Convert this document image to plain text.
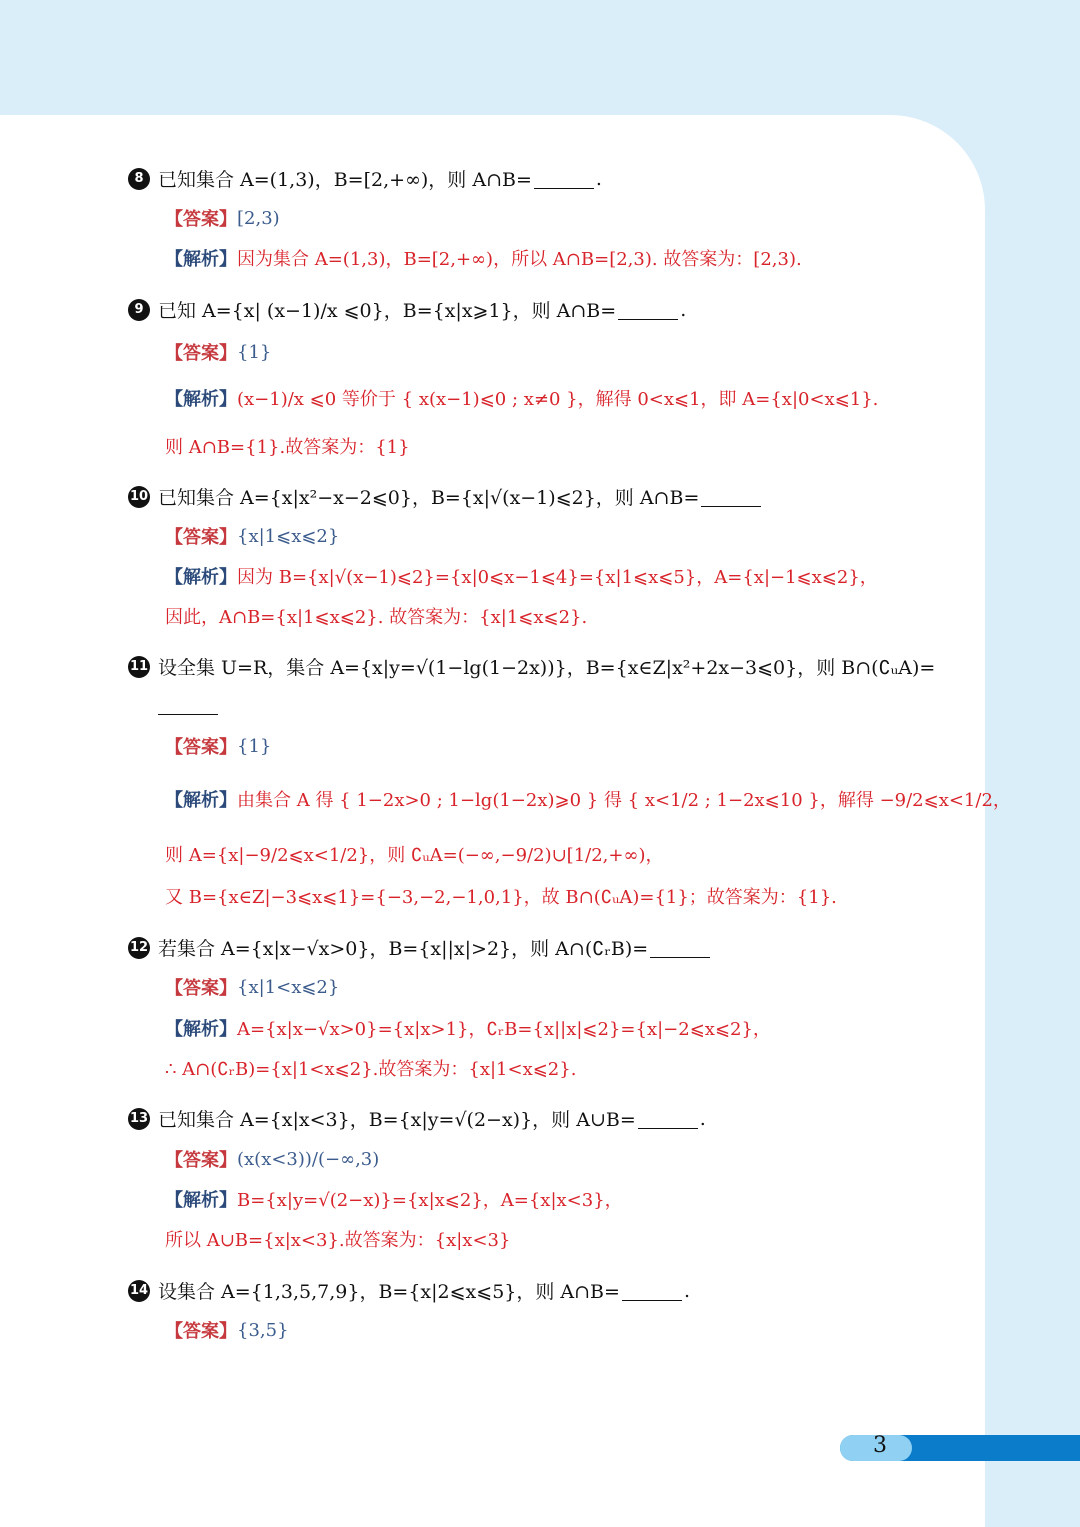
8 已知集合 A=(1,3)，B=[2,+∞)，则 A∩B=	.
【答案】 [2,3)
【解析】 因为集合 A=(1,3)，B=[2,+∞)，所以 A∩B=[2,3). 故答案为：[2,3).
9 已知 A={x| (x−1)/x ⩽0}，B={x|x⩾1}，则 A∩B=	.
【答案】 {1}
【解析】 (x−1)/x ⩽0 等价于 { x(x−1)⩽0 ; x≠0 }，解得 0<x⩽1，即 A={x|0<x⩽1}.
则 A∩B={1}.故答案为：{1}
10 已知集合 A={x|x²−x−2⩽0}，B={x|√(x−1)⩽2}，则 A∩B=
【答案】 {x|1⩽x⩽2}
【解析】 因为 B={x|√(x−1)⩽2}={x|0⩽x−1⩽4}={x|1⩽x⩽5}，A={x|−1⩽x⩽2}，
因此，A∩B={x|1⩽x⩽2}. 故答案为：{x|1⩽x⩽2}.
11 设全集 U=R，集合 A={x|y=√(1−lg(1−2x))}，B={x∈Z|x²+2x−3⩽0}，则 B∩(∁ᵤA)=
【答案】 {1}
【解析】 由集合 A 得 { 1−2x>0 ; 1−lg(1−2x)⩾0 } 得 { x<1/2 ; 1−2x⩽10 }，解得 −9/2⩽x<1/2，
则 A={x|−9/2⩽x<1/2}，则 ∁ᵤA=(−∞,−9/2)∪[1/2,+∞)，
又 B={x∈Z|−3⩽x⩽1}={−3,−2,−1,0,1}，故 B∩(∁ᵤA)={1}；故答案为：{1}.
12 若集合 A={x|x−√x>0}，B={x||x|>2}，则 A∩(∁ᵣB)=
【答案】 {x|1<x⩽2}
【解析】 A={x|x−√x>0}={x|x>1}，∁ᵣB={x||x|⩽2}={x|−2⩽x⩽2}，
∴ A∩(∁ᵣB)={x|1<x⩽2}.故答案为：{x|1<x⩽2}.
13 已知集合 A={x|x<3}，B={x|y=√(2−x)}，则 A∪B=	.
【答案】 (x(x<3))/(−∞,3)
【解析】 B={x|y=√(2−x)}={x|x⩽2}，A={x|x<3}，
所以 A∪B={x|x<3}.故答案为：{x|x<3}
14 设集合 A={1,3,5,7,9}，B={x|2⩽x⩽5}，则 A∩B=	.
【答案】 {3,5}
3
